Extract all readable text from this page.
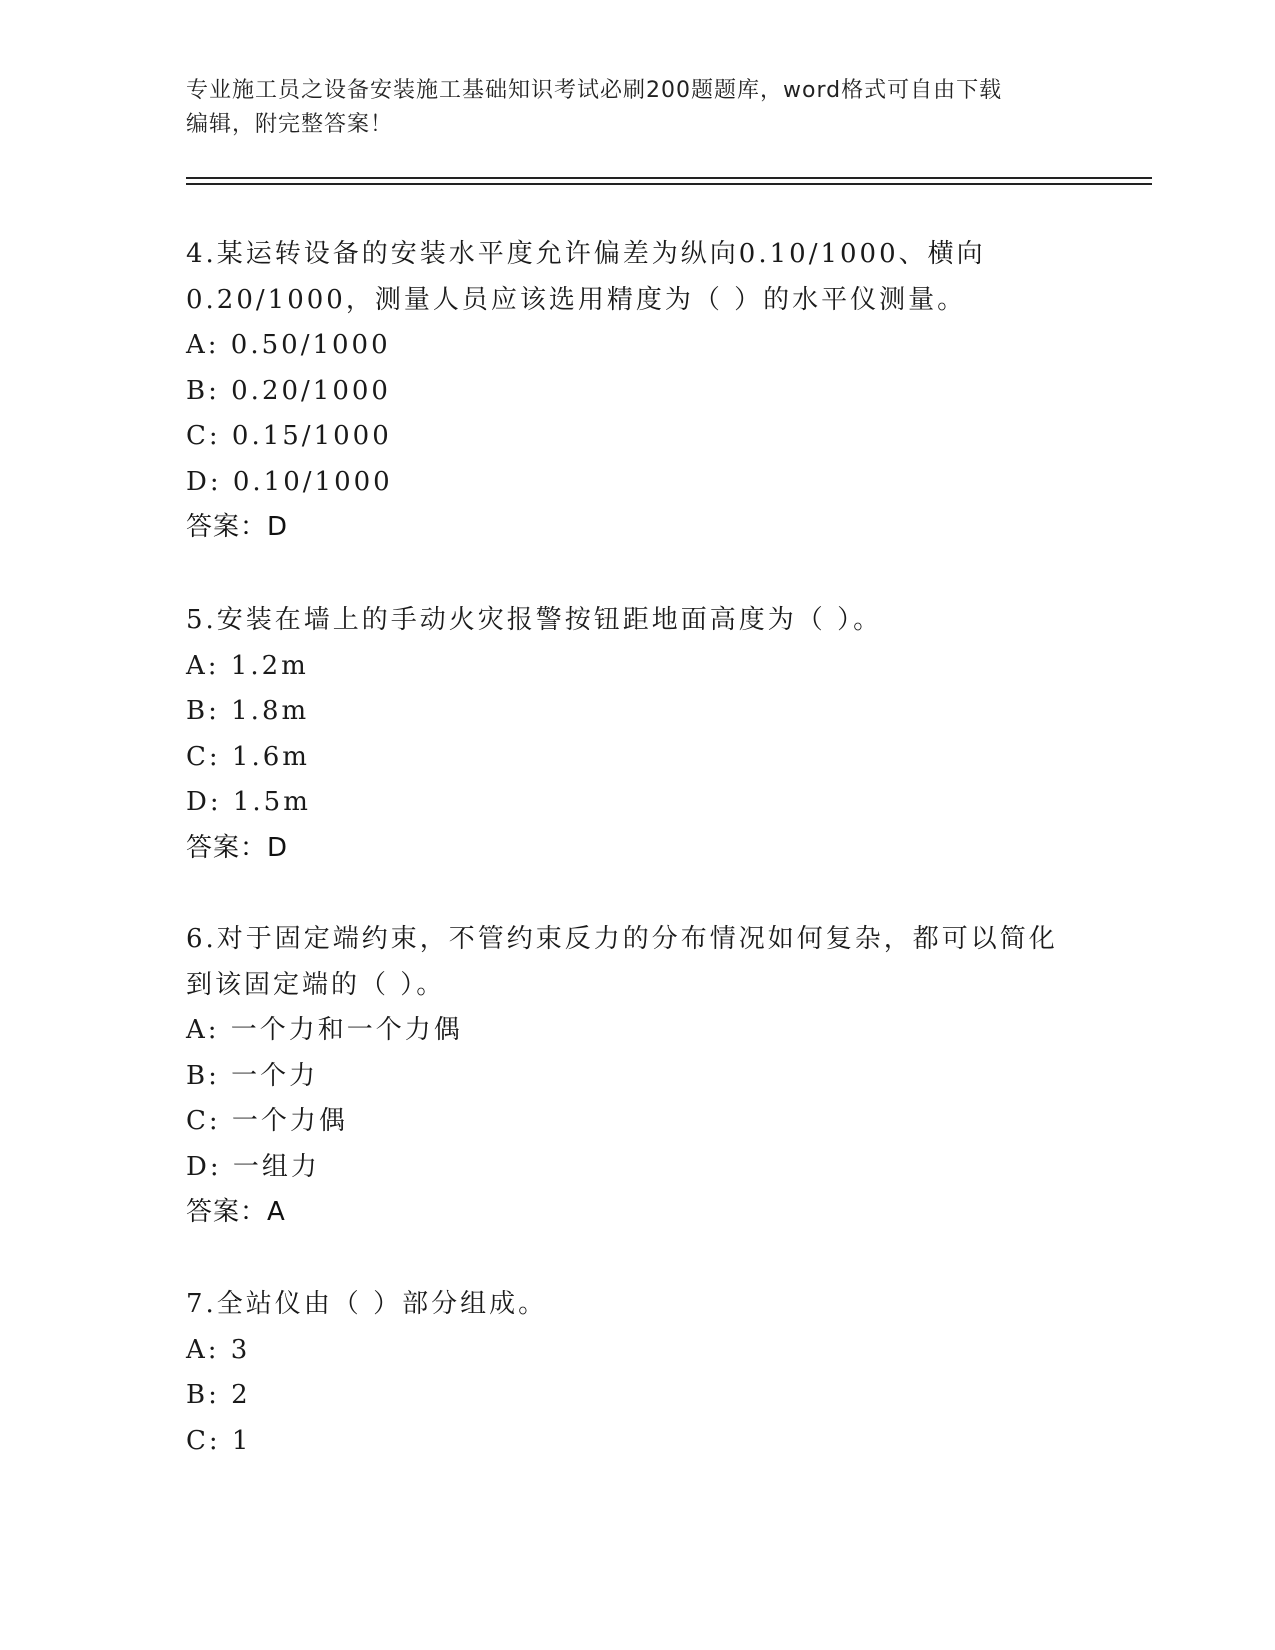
专业施工员之设备安装施工基础知识考试必刷200题题库，word格式可自由下载
编辑，附完整答案！
4.某运转设备的安装水平度允许偏差为纵向0.10/1000、横向
0.20/1000，测量人员应该选用精度为（ ）的水平仪测量。
A: 0.50/1000
B: 0.20/1000
C: 0.15/1000
D: 0.10/1000
答案：D
5.安装在墙上的手动火灾报警按钮距地面高度为（ ）。
A: 1.2m
B: 1.8m
C: 1.6m
D: 1.5m
答案：D
6.对于固定端约束，不管约束反力的分布情况如何复杂，都可以简化
到该固定端的（ ）。
A: 一个力和一个力偶
B: 一个力
C: 一个力偶
D: 一组力
答案：A
7.全站仪由（ ）部分组成。
A: 3
B: 2
C: 1
